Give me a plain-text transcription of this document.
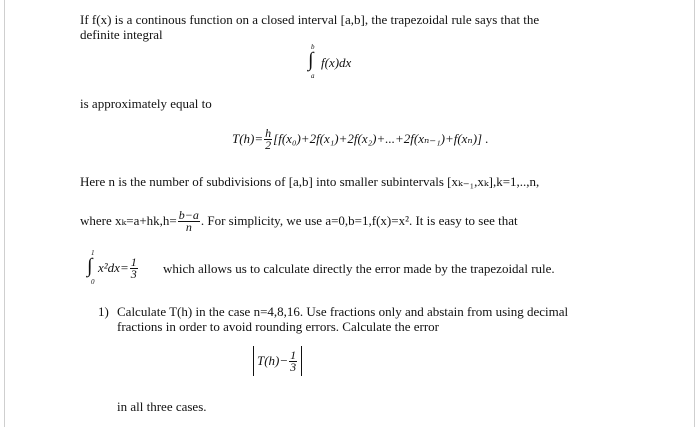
If f(x) is a continous function on a closed interval [a,b], the trapezoidal rule says that the
definite integral
b
∫
a
f(x)dx
is approximately equal to
$T(h)= \frac{h}{2} [f(x_0)+2f(x_1)+2f(x_2)+...+2f(x_{n-1})+f(x_n)]$ .
Here n is the number of subdivisions of [a,b] into smaller subintervals [xₖ₋₁,xₖ],k=1,..,n,
where $x_k=a+hk,h= \frac{b-a}{n}$ . For simplicity, we use a=0,b=1,f(x)=x². It is easy to see that
1
∫
0
$x^2dx= \frac{1}{3}$ which allows us to calculate directly the error made by the trapezoidal rule.
1) Calculate T(h) in the case n=4,8,16. Use fractions only and abstain from using decimal
fractions in order to avoid rounding errors. Calculate the error
$T(h)- \frac{1}{3}$
in all three cases.
